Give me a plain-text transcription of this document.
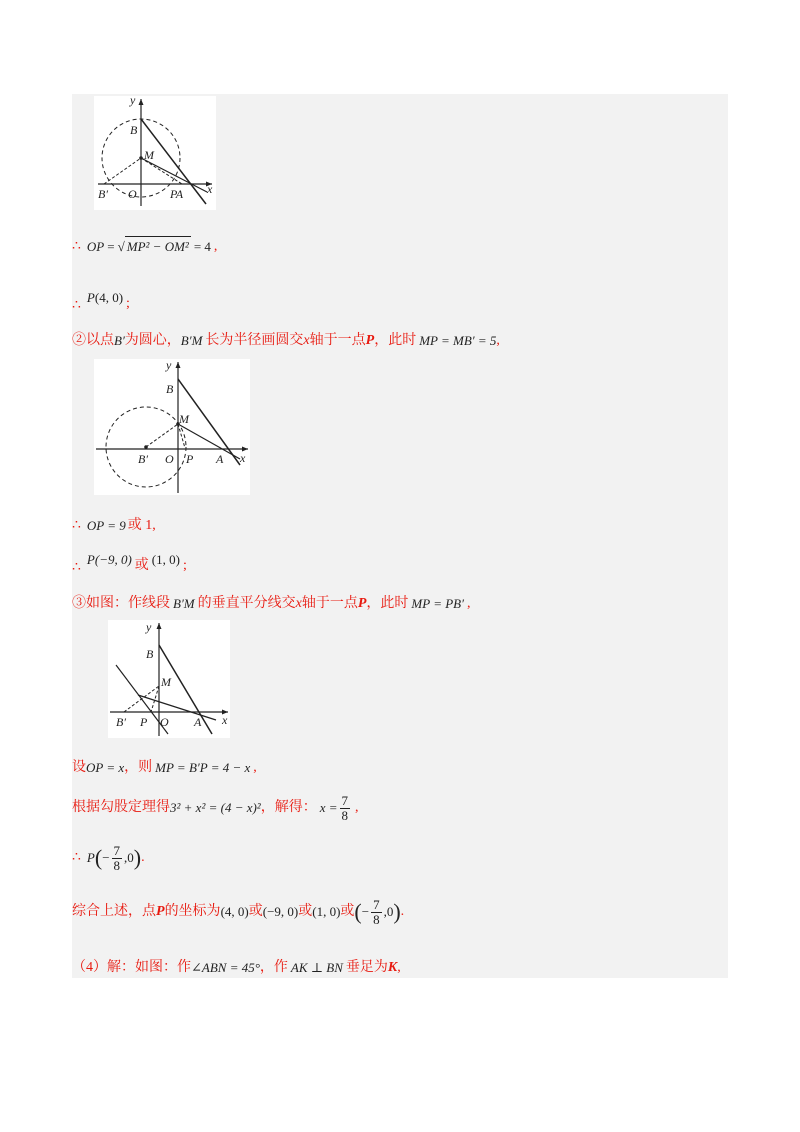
y
x
B
M
B′ O	PA
∴ OP = √ MP² − OM² = 4 ,
∴
P (4, 0) ;
②以点 B′ 为圆心， B′M 长为半径画圆交 x 轴于一点 P ，此时 MP = MB′ = 5 ,
y
x
B
M
B′ O P A
∴ OP = 9 或 1,
∴
P(−9, 0) 或 (1, 0) ;
③如图：作线段 B′M 的垂直平分线交 x 轴于一点 P ，此时 MP = PB′ ,
y
x
B
M
B′ P O A
设 OP = x ，则 MP = B′P = 4 − x ,
根据勾股定理得 3² + x² = (4 − x)² ，解得： $x = \frac{7}{8}$ ,
∴ P ( − $\frac{7}{8} ,0$ ) .
综合上述，点 P 的坐标为 (4, 0) 或 (−9, 0) 或 (1, 0) 或 ( − $\frac{7}{8} ,0$ ) .
（4）解：如图：作 ∠ABN = 45° ，作 AK ⊥ BN 垂足为 K ,
